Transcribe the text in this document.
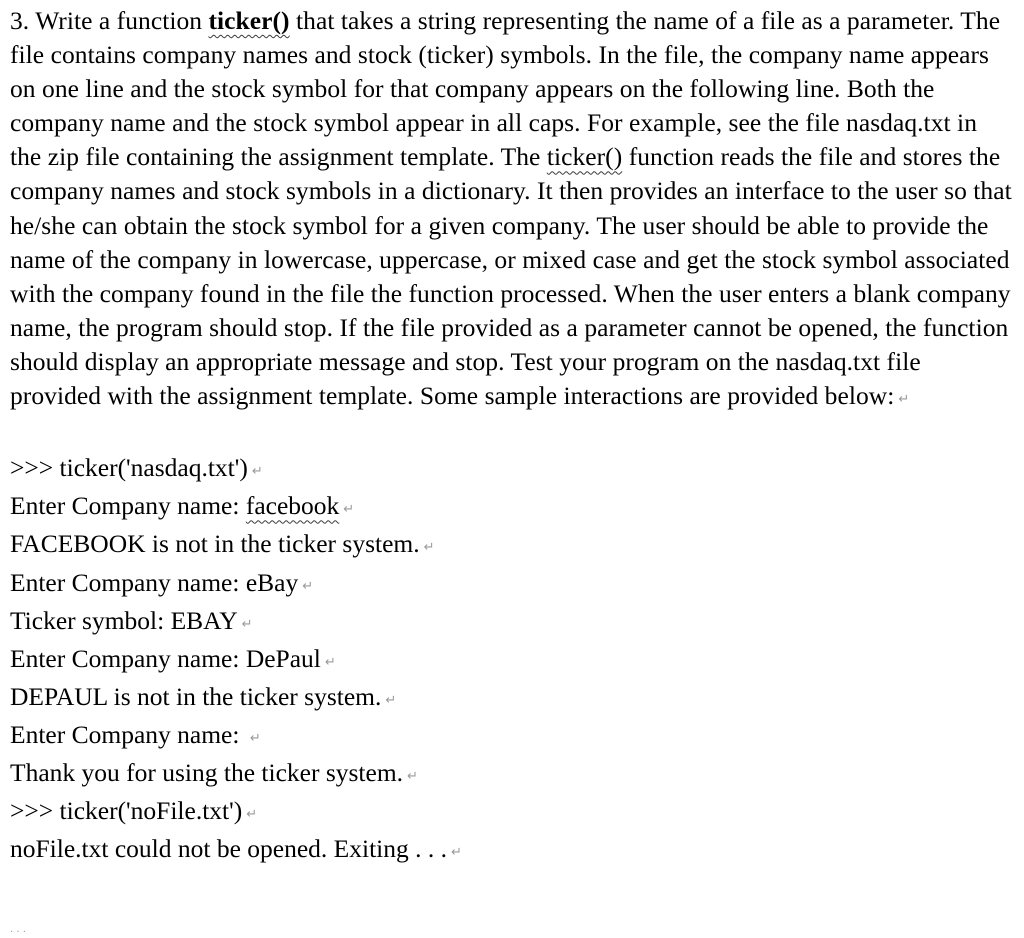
3. Write a function ticker() that takes a string representing the name of a file as a parameter. The file contains company names and stock (ticker) symbols. In the file, the company name appears on one line and the stock symbol for that company appears on the following line. Both the company name and the stock symbol appear in all caps. For example, see the file nasdaq.txt in the zip file containing the assignment template. The ticker() function reads the file and stores the company names and stock symbols in a dictionary. It then provides an interface to the user so that he/she can obtain the stock symbol for a given company. The user should be able to provide the name of the company in lowercase, uppercase, or mixed case and get the stock symbol associated with the company found in the file the function processed. When the user enters a blank company name, the program should stop. If the file provided as a parameter cannot be opened, the function should display an appropriate message and stop. Test your program on the nasdaq.txt file provided with the assignment template. Some sample interactions are provided below: ↵

>>> ticker('nasdaq.txt') ↵
Enter Company name: facebook ↵
FACEBOOK is not in the ticker system. ↵
Enter Company name: eBay ↵
Ticker symbol: EBAY ↵
Enter Company name: DePaul ↵
DEPAUL is not in the ticker system. ↵
Enter Company name: ↵
Thank you for using the ticker system. ↵
>>> ticker('noFile.txt') ↵
noFile.txt could not be opened. Exiting . . . ↵
· · ·
